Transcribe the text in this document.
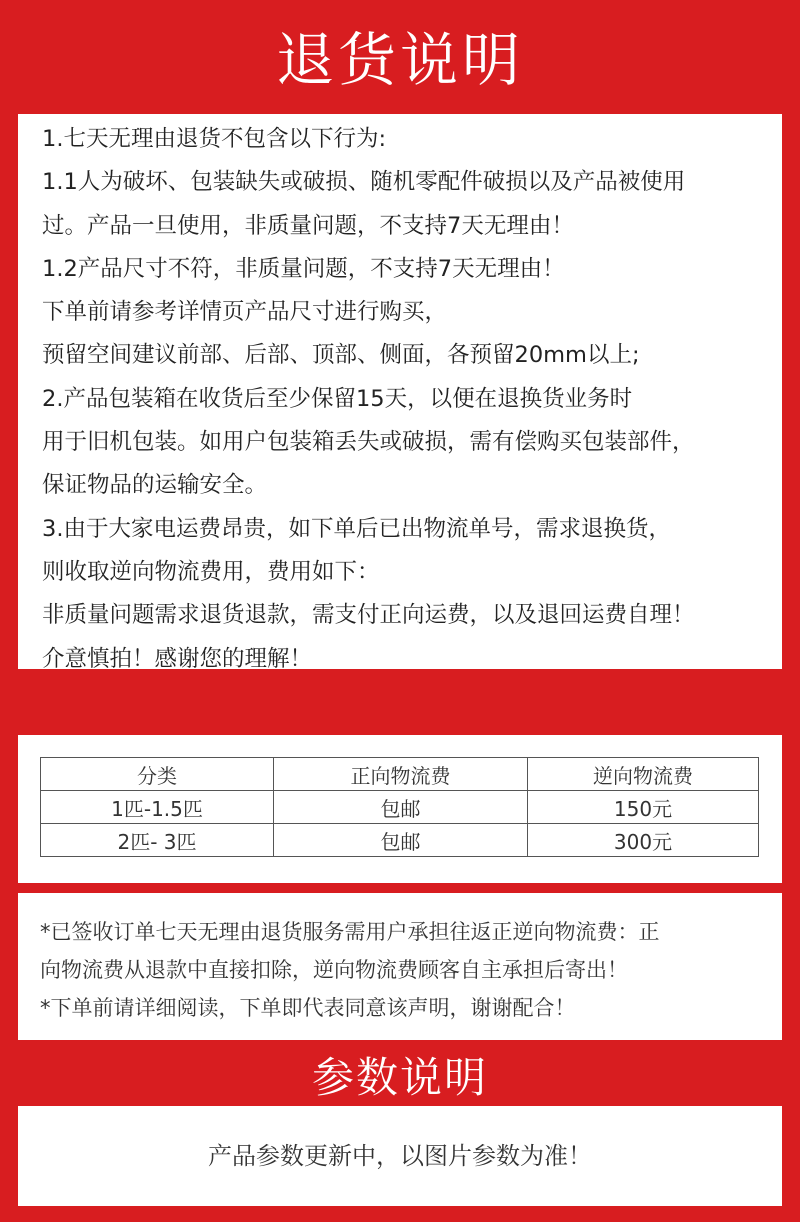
退货说明
1.七天无理由退货不包含以下行为:
1.1人为破坏、包装缺失或破损、随机零配件破损以及产品被使用
过。产品一旦使用，非质量问题，不支持7天无理由！
1.2产品尺寸不符，非质量问题，不支持7天无理由！
下单前请参考详情页产品尺寸进行购买，
预留空间建议前部、后部、顶部、侧面，各预留20mm以上;
2.产品包装箱在收货后至少保留15天，以便在退换货业务时
用于旧机包装。如用户包装箱丢失或破损，需有偿购买包装部件，
保证物品的运输安全。
3.由于大家电运费昂贵，如下单后已出物流单号，需求退换货，
则收取逆向物流费用，费用如下：
非质量问题需求退货退款，需支付正向运费，以及退回运费自理！
介意慎拍！感谢您的理解！
分类	正向物流费	逆向物流费
1匹-1.5匹	包邮	150元
2匹- 3匹	包邮	300元
*已签收订单七天无理由退货服务需用户承担往返正逆向物流费：正
向物流费从退款中直接扣除，逆向物流费顾客自主承担后寄出！
*下单前请详细阅读，下单即代表同意该声明，谢谢配合！
参数说明
产品参数更新中，以图片参数为准！
